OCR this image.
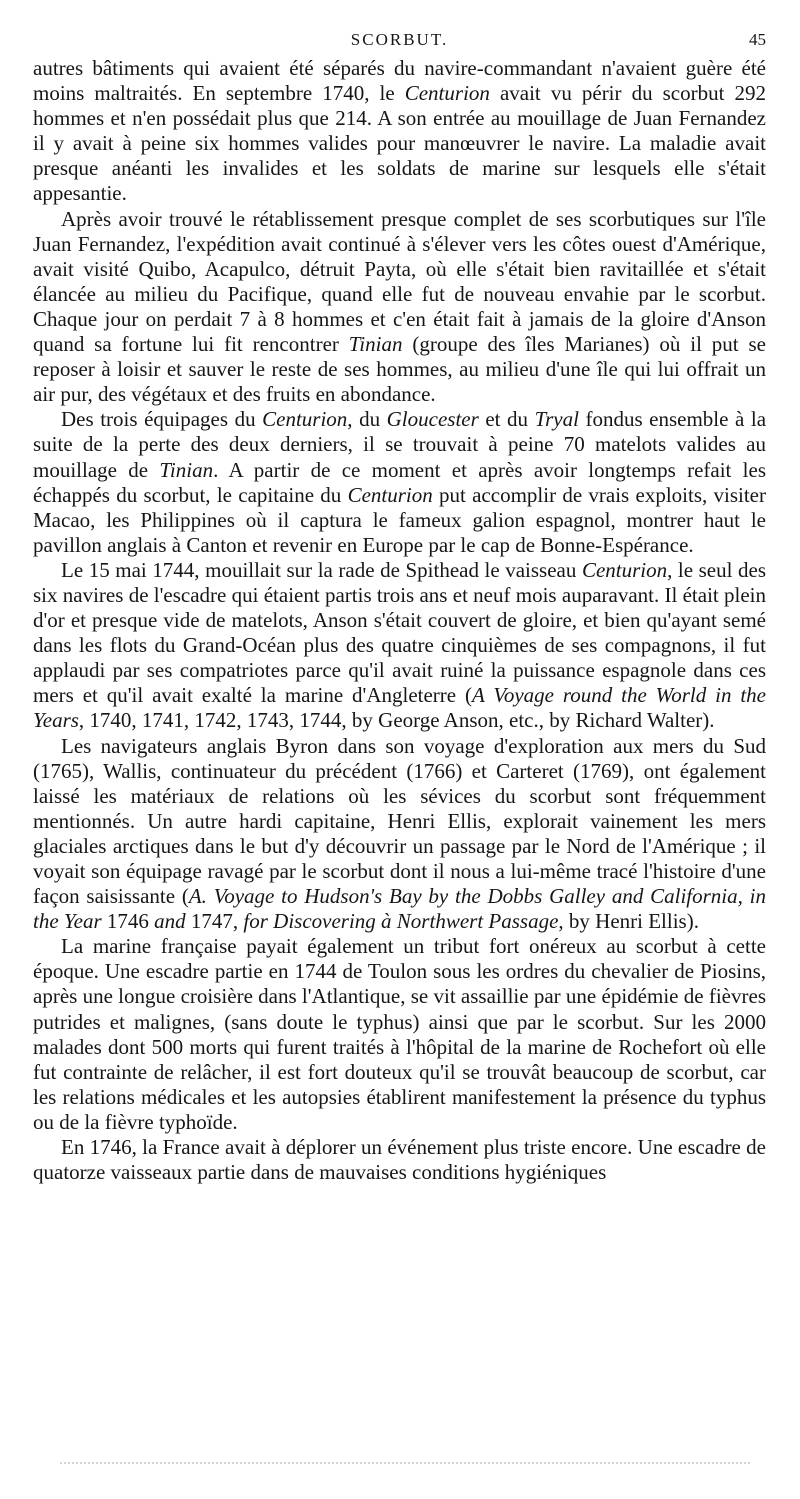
SCORBUT.	45

autres bâtiments qui avaient été séparés du navire-commandant n'avaient guère été moins maltraités. En septembre 1740, le Centurion avait vu périr du scorbut 292 hommes et n'en possédait plus que 214. A son entrée au mouillage de Juan Fernandez il y avait à peine six hommes valides pour manœuvrer le navire. La maladie avait presque anéanti les invalides et les soldats de marine sur lesquels elle s'était appesantie.

Après avoir trouvé le rétablissement presque complet de ses scorbutiques sur l'île Juan Fernandez, l'expédition avait continué à s'élever vers les côtes ouest d'Amérique, avait visité Quibo, Acapulco, détruit Payta, où elle s'était bien ravitaillée et s'était élancée au milieu du Pacifique, quand elle fut de nouveau envahie par le scorbut. Chaque jour on perdait 7 à 8 hommes et c'en était fait à jamais de la gloire d'Anson quand sa fortune lui fit rencontrer Tinian (groupe des îles Marianes) où il put se reposer à loisir et sauver le reste de ses hommes, au milieu d'une île qui lui offrait un air pur, des végétaux et des fruits en abondance.

Des trois équipages du Centurion, du Gloucester et du Tryal fondus ensemble à la suite de la perte des deux derniers, il se trouvait à peine 70 matelots valides au mouillage de Tinian. A partir de ce moment et après avoir longtemps refait les échappés du scorbut, le capitaine du Centurion put accomplir de vrais exploits, visiter Macao, les Philippines où il captura le fameux galion espagnol, montrer haut le pavillon anglais à Canton et revenir en Europe par le cap de Bonne-Espérance.

Le 15 mai 1744, mouillait sur la rade de Spithead le vaisseau Centurion, le seul des six navires de l'escadre qui étaient partis trois ans et neuf mois auparavant. Il était plein d'or et presque vide de matelots, Anson s'était couvert de gloire, et bien qu'ayant semé dans les flots du Grand-Océan plus des quatre cinquièmes de ses compagnons, il fut applaudi par ses compatriotes parce qu'il avait ruiné la puissance espagnole dans ces mers et qu'il avait exalté la marine d'Angleterre (A Voyage round the World in the Years, 1740, 1741, 1742, 1743, 1744, by George Anson, etc., by Richard Walter).

Les navigateurs anglais Byron dans son voyage d'exploration aux mers du Sud (1765), Wallis, continuateur du précédent (1766) et Carteret (1769), ont également laissé les matériaux de relations où les sévices du scorbut sont fréquemment mentionnés. Un autre hardi capitaine, Henri Ellis, explorait vainement les mers glaciales arctiques dans le but d'y découvrir un passage par le Nord de l'Amérique ; il voyait son équipage ravagé par le scorbut dont il nous a lui-même tracé l'histoire d'une façon saisissante (A. Voyage to Hudson's Bay by the Dobbs Galley and California, in the Year 1746 and 1747, for Discovering à Northwert Passage, by Henri Ellis).

La marine française payait également un tribut fort onéreux au scorbut à cette époque. Une escadre partie en 1744 de Toulon sous les ordres du chevalier de Piosins, après une longue croisière dans l'Atlantique, se vit assaillie par une épidémie de fièvres putrides et malignes, (sans doute le typhus) ainsi que par le scorbut. Sur les 2000 malades dont 500 morts qui furent traités à l'hôpital de la marine de Rochefort où elle fut contrainte de relâcher, il est fort douteux qu'il se trouvât beaucoup de scorbut, car les relations médicales et les autopsies établirent manifestement la présence du typhus ou de la fièvre typhoïde.

En 1746, la France avait à déplorer un événement plus triste encore. Une escadre de quatorze vaisseaux partie dans de mauvaises conditions hygiéniques
